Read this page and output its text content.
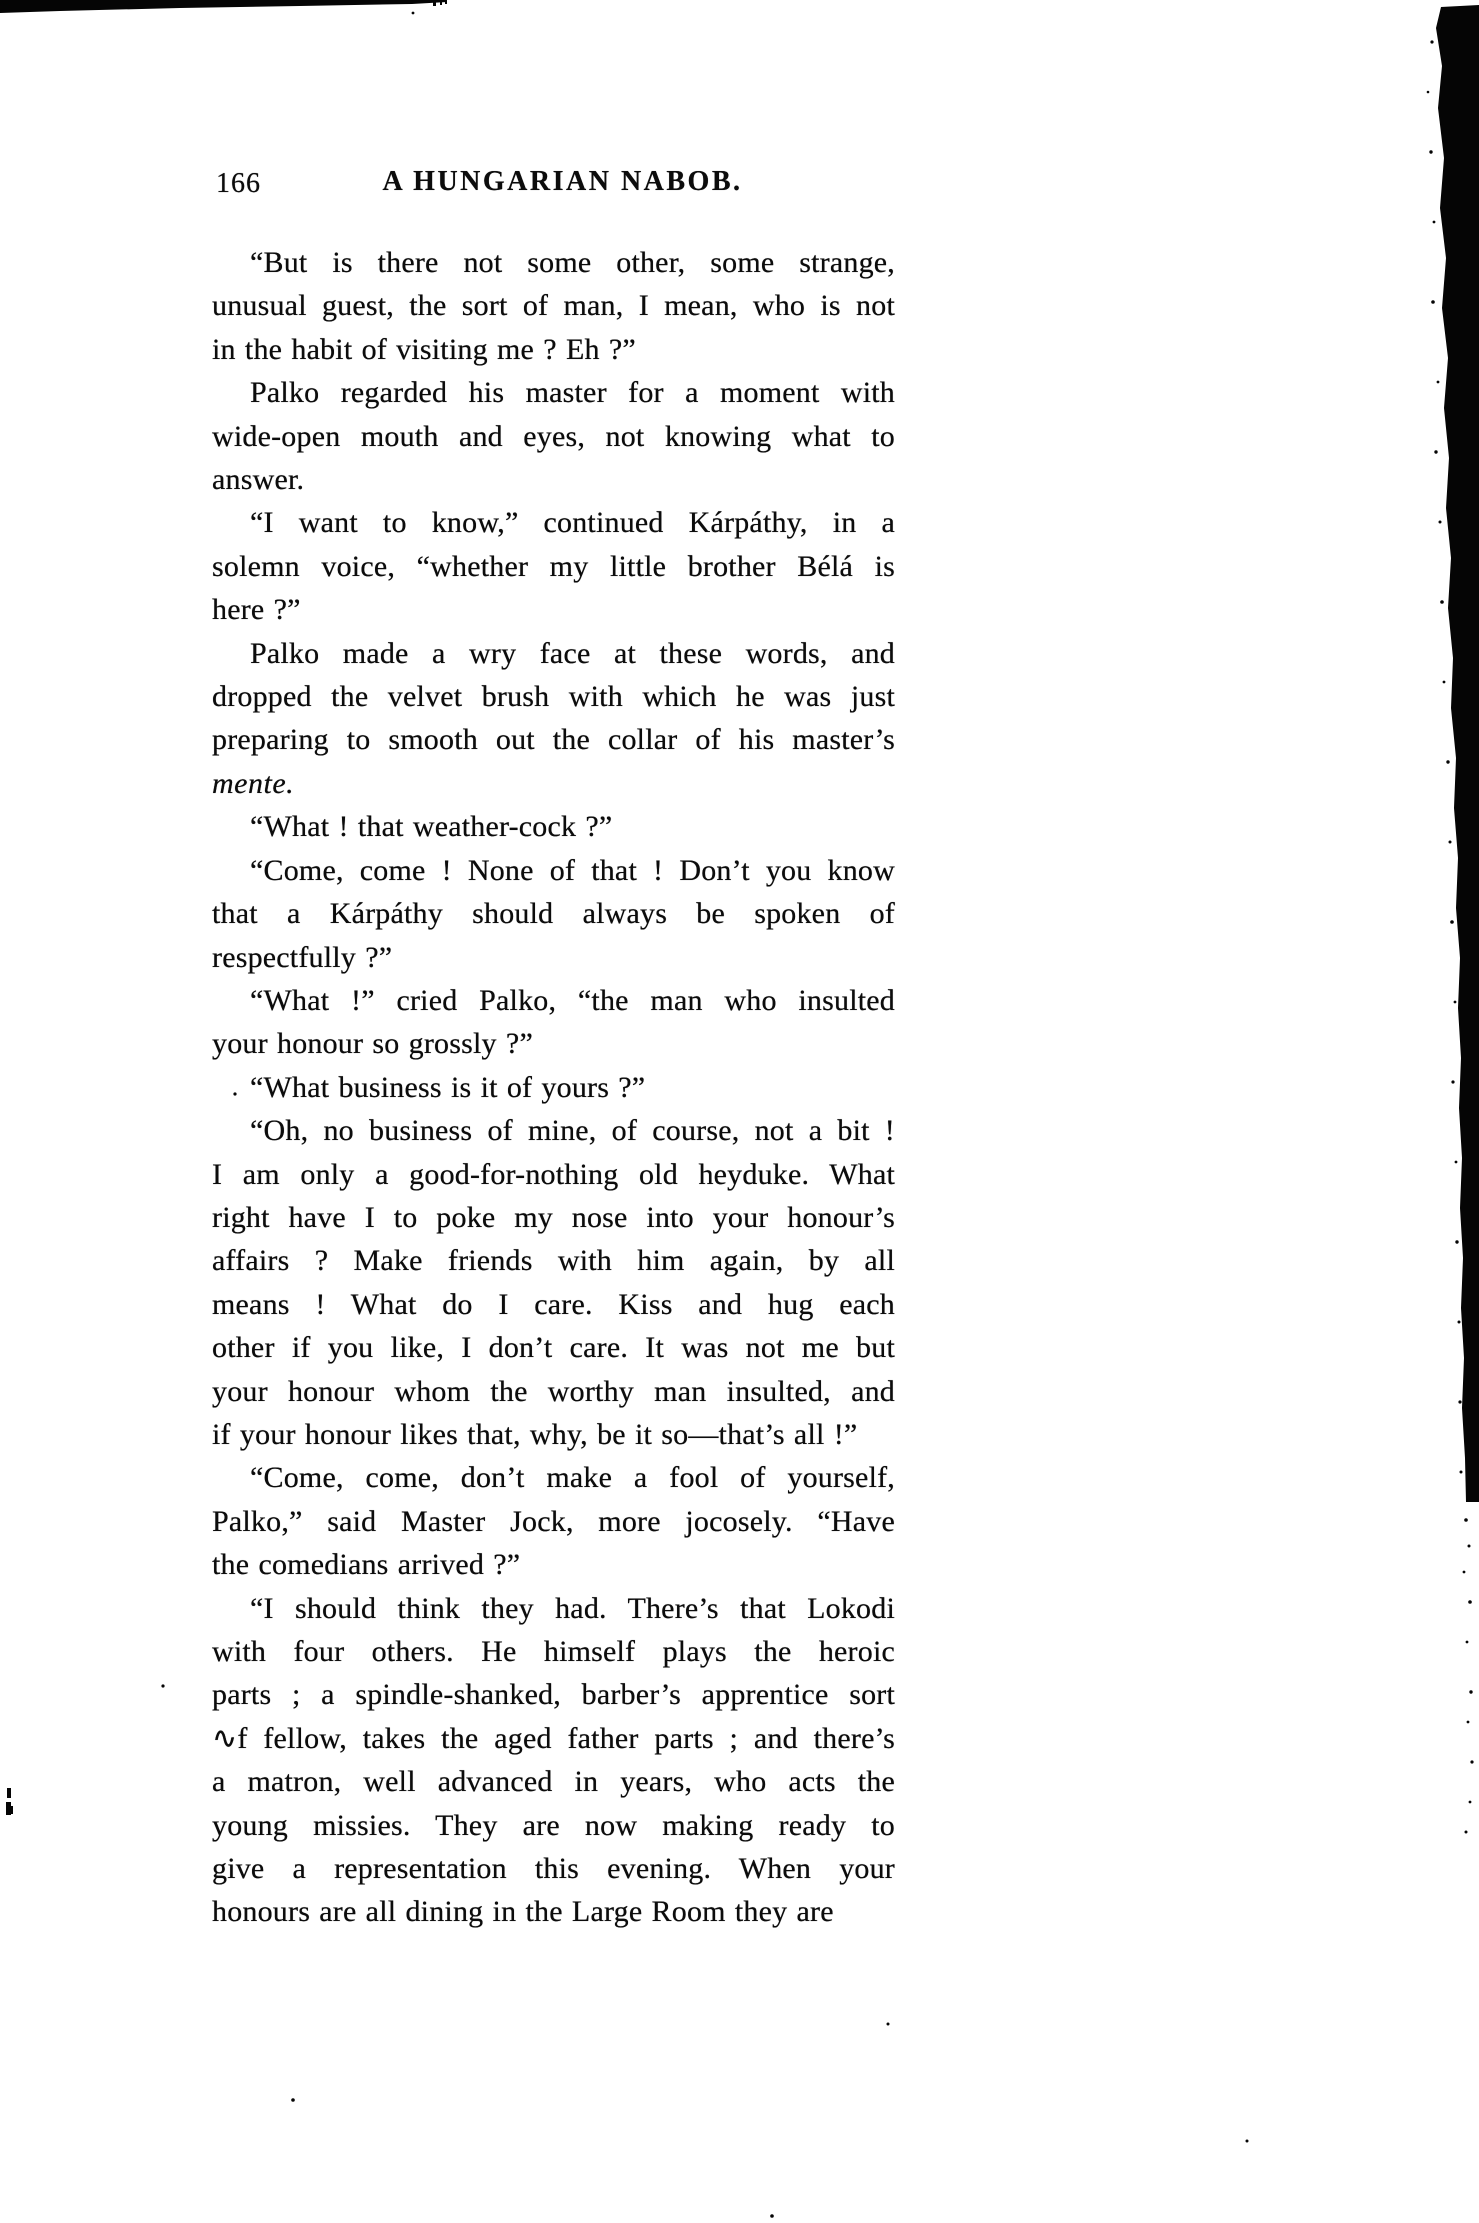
166	A HUNGARIAN NABOB.
“But is there not some other, some strange,
unusual guest, the sort of man, I mean, who is not
in the habit of visiting me ? Eh ?”
Palko regarded his master for a moment with
wide-open mouth and eyes, not knowing what to
answer.
“I want to know,” continued Kárpáthy, in a
solemn voice, “whether my little brother Bélá is
here ?”
Palko made a wry face at these words, and
dropped the velvet brush with which he was just
preparing to smooth out the collar of his master’s
mente.
“What ! that weather-cock ?”
“Come, come ! None of that ! Don’t you know
that a Kárpáthy should always be spoken of
respectfully ?”
“What !” cried Palko, “the man who insulted
your honour so grossly ?”
“What business is it of yours ?”
“Oh, no business of mine, of course, not a bit !
I am only a good-for-nothing old heyduke. What
right have I to poke my nose into your honour’s
affairs ? Make friends with him again, by all
means ! What do I care. Kiss and hug each
other if you like, I don’t care. It was not me but
your honour whom the worthy man insulted, and
if your honour likes that, why, be it so—that’s all !”
“Come, come, don’t make a fool of yourself,
Palko,” said Master Jock, more jocosely. “Have
the comedians arrived ?”
“I should think they had. There’s that Lokodi
with four others. He himself plays the heroic
parts ; a spindle-shanked, barber’s apprentice sort
∿f fellow, takes the aged father parts ; and there’s
a matron, well advanced in years, who acts the
young missies. They are now making ready to
give a representation this evening. When your
honours are all dining in the Large Room they are
